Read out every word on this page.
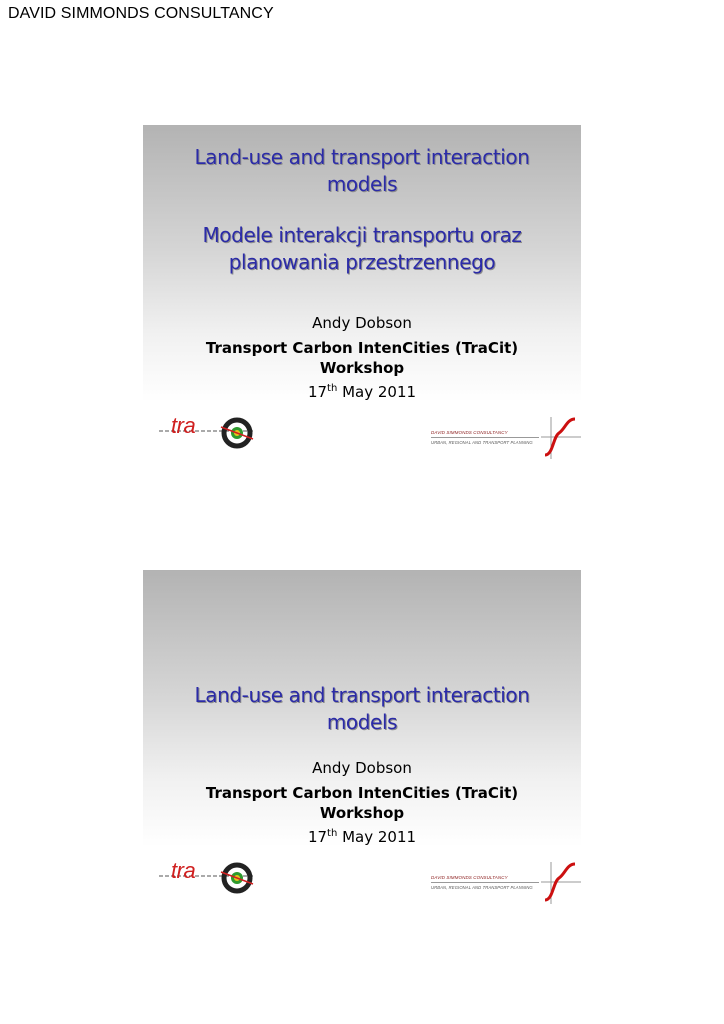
DAVID SIMMONDS CONSULTANCY
Land-use and transport interaction
models
Modele interakcji transportu oraz
planowania przestrzennego
Andy Dobson
Transport Carbon IntenCities (TraCit)
Workshop
17th May 2011
tra	DAVID SIMMONDS CONSULTANCY
URBAN, REGIONAL AND TRANSPORT PLANNING
Land-use and transport interaction
models
Andy Dobson
Transport Carbon IntenCities (TraCit)
Workshop
17th May 2011
tra	DAVID SIMMONDS CONSULTANCY
URBAN, REGIONAL AND TRANSPORT PLANNING
